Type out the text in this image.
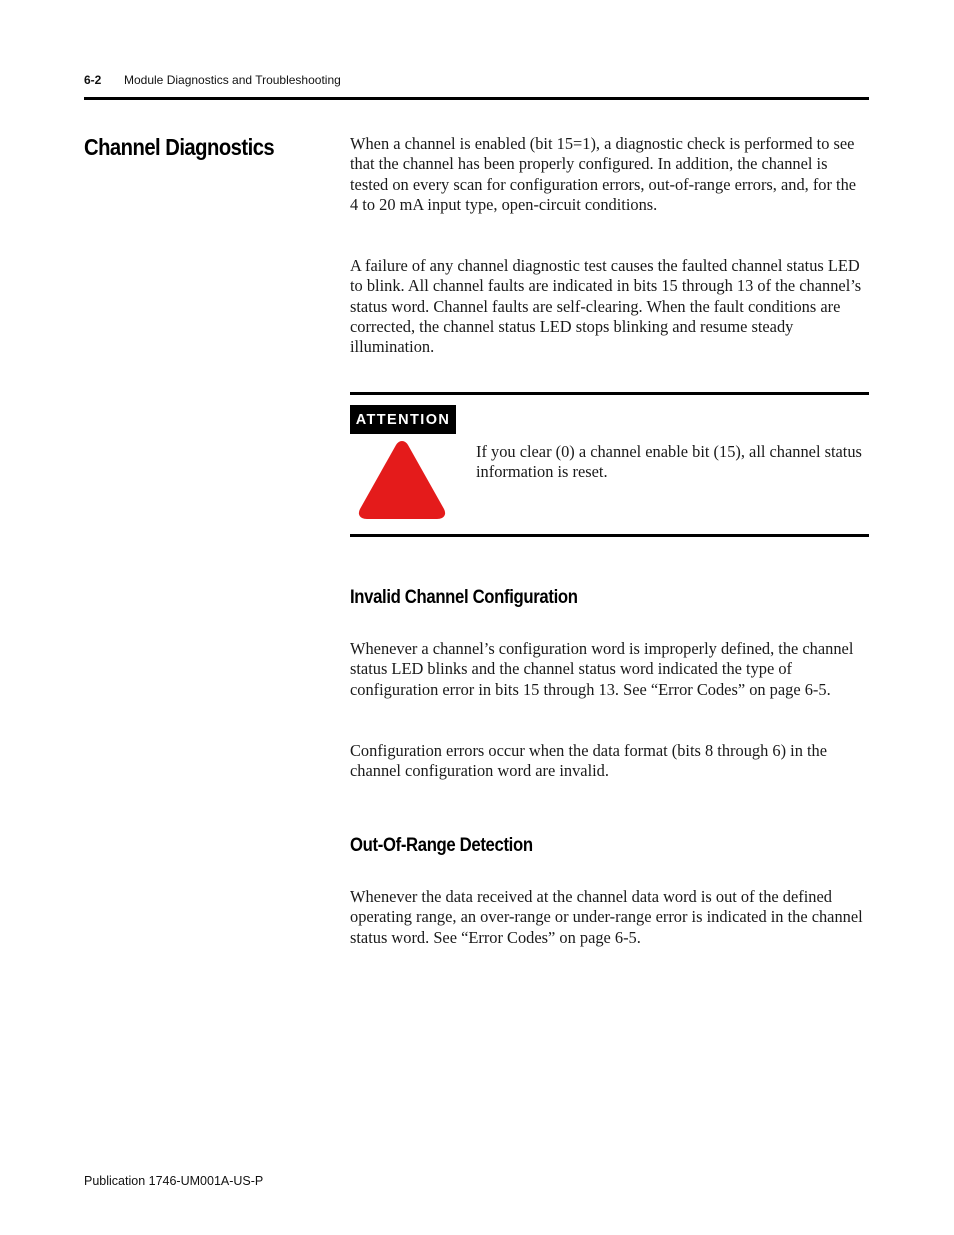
6-2 Module Diagnostics and Troubleshooting
Channel Diagnostics	When a channel is enabled (bit 15=1), a diagnostic check is performed to see that the channel has been properly configured. In addition, the channel is tested on every scan for configuration errors, out-of-range errors, and, for the 4 to 20 mA input type, open-circuit conditions.

A failure of any channel diagnostic test causes the faulted channel status LED to blink. All channel faults are indicated in bits 15 through 13 of the channel’s status word. Channel faults are self-clearing. When the fault conditions are corrected, the channel status LED stops blinking and resume steady illumination.

ATTENTION

If you clear (0) a channel enable bit (15), all channel status information is reset.

Invalid Channel Configuration

Whenever a channel’s configuration word is improperly defined, the channel status LED blinks and the channel status word indicated the type of configuration error in bits 15 through 13. See “Error Codes” on page 6-5.

Configuration errors occur when the data format (bits 8 through 6) in the channel configuration word are invalid.

Out-Of-Range Detection

Whenever the data received at the channel data word is out of the defined operating range, an over-range or under-range error is indicated in the channel status word. See “Error Codes” on page 6-5.

Publication 1746-UM001A-US-P
